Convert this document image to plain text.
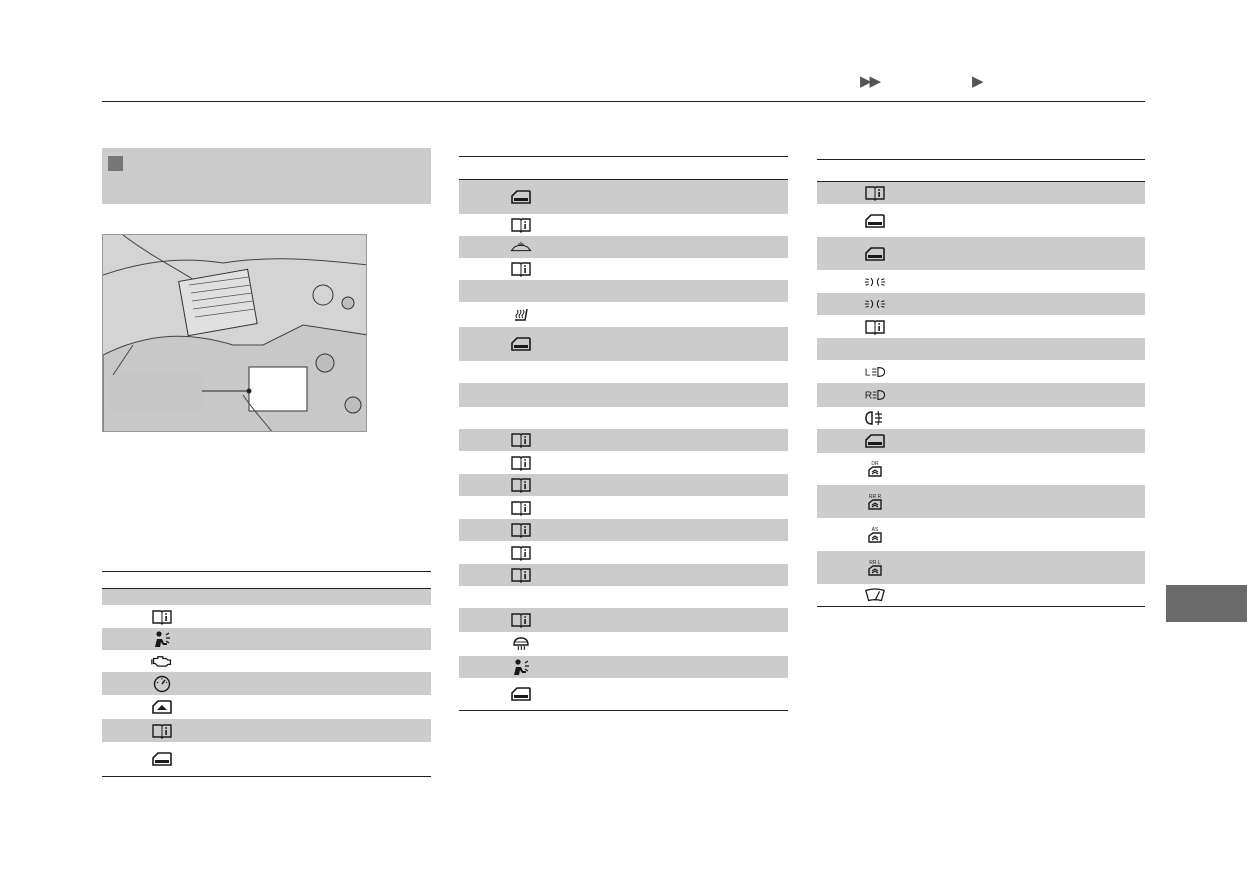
▶▶	▶
L
R
DR
RR R
AS
RR L
